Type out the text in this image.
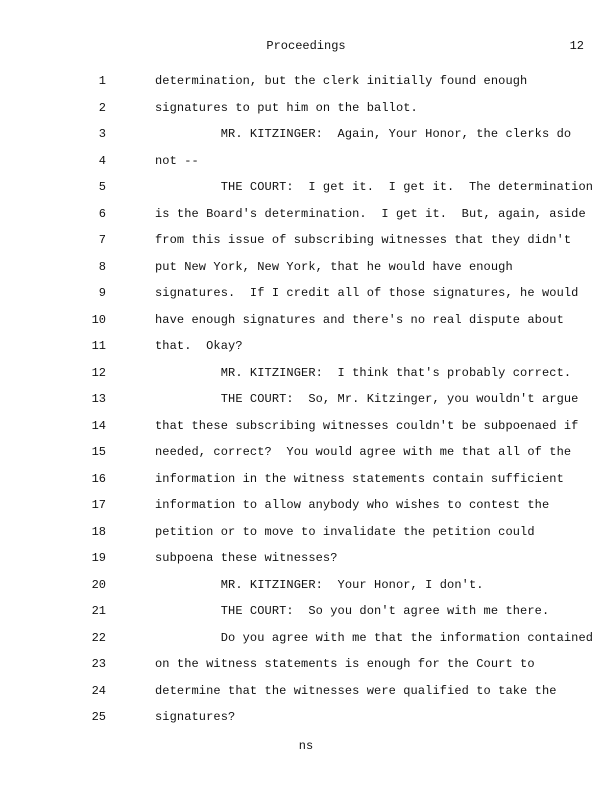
Proceedings	12
1	determination, but the clerk initially found enough
2	signatures to put him on the ballot.
3	MR. KITZINGER:  Again, Your Honor, the clerks do
4	not --
5	THE COURT:  I get it.  I get it.  The determination
6	is the Board's determination.  I get it.  But, again, aside
7	from this issue of subscribing witnesses that they didn't
8	put New York, New York, that he would have enough
9	signatures.  If I credit all of those signatures, he would
10	have enough signatures and there's no real dispute about
11	that.  Okay?
12	MR. KITZINGER:  I think that's probably correct.
13	THE COURT:  So, Mr. Kitzinger, you wouldn't argue
14	that these subscribing witnesses couldn't be subpoenaed if
15	needed, correct?  You would agree with me that all of the
16	information in the witness statements contain sufficient
17	information to allow anybody who wishes to contest the
18	petition or to move to invalidate the petition could
19	subpoena these witnesses?
20	MR. KITZINGER:  Your Honor, I don't.
21	THE COURT:  So you don't agree with me there.
22	Do you agree with me that the information contained
23	on the witness statements is enough for the Court to
24	determine that the witnesses were qualified to take the
25	signatures?
ns
